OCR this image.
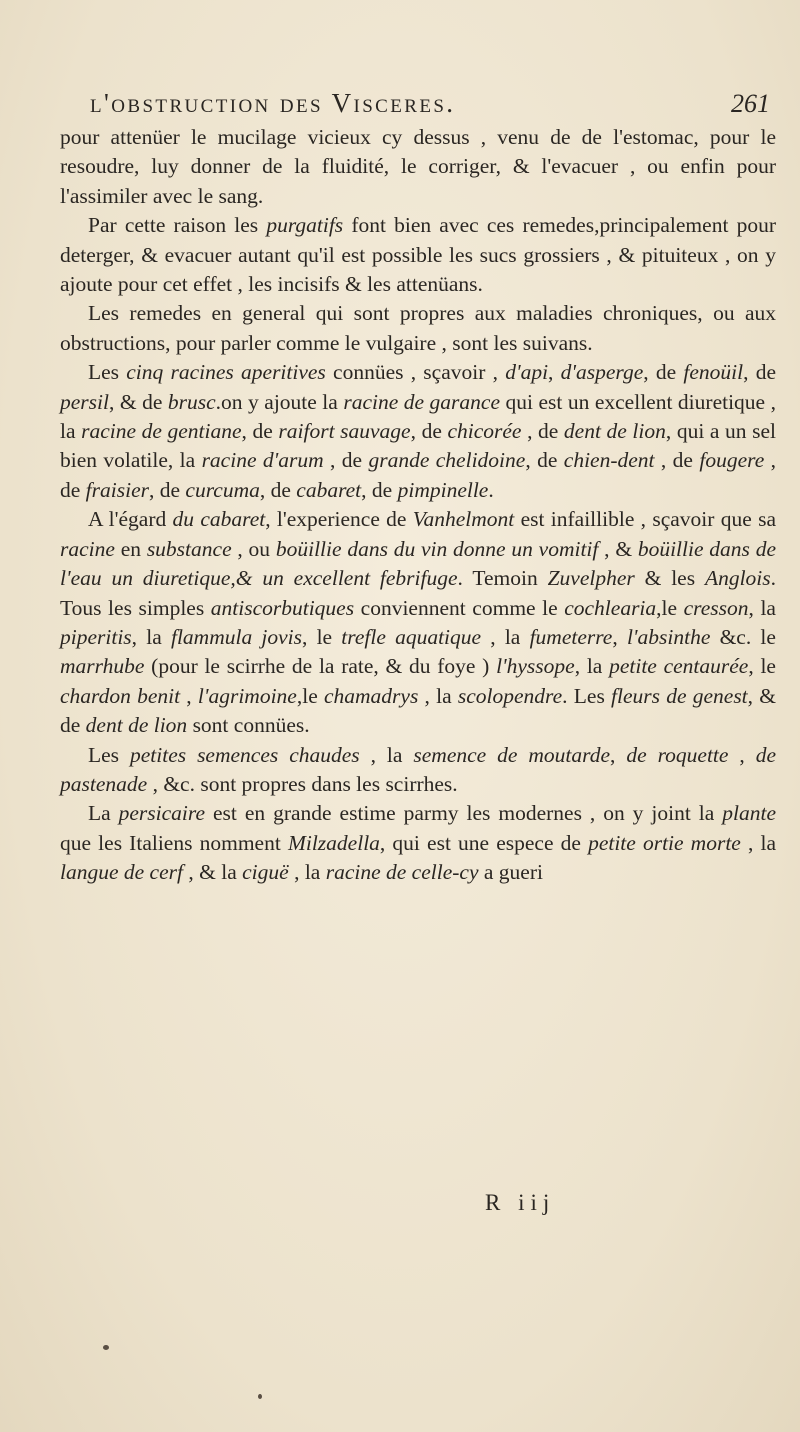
l'obstruction des Visceres.	261

pour attenüer le mucilage vicieux cy dessus , venu de de l'estomac, pour le resoudre, luy donner de la fluidité, le corriger, & l'evacuer , ou enfin pour l'assimiler avec le sang.

Par cette raison les purgatifs font bien avec ces remedes,principalement pour deterger, & evacuer autant qu'il est possible les sucs grossiers , & pituiteux , on y ajoute pour cet effet , les incisifs & les attenüans.

Les remedes en general qui sont propres aux maladies chroniques, ou aux obstructions, pour parler comme le vulgaire , sont les suivans.

Les cinq racines aperitives connües , sçavoir , d'api, d'asperge, de fenoüil, de persil, & de brusc.on y ajoute la racine de garance qui est un excellent diuretique , la racine de gentiane, de raifort sauvage, de chicorée , de dent de lion, qui a un sel bien volatile, la racine d'arum , de grande chelidoine, de chien-dent , de fougere , de fraisier, de curcuma, de cabaret, de pimpinelle.

A l'égard du cabaret, l'experience de Vanhelmont est infaillible , sçavoir que sa racine en substance , ou boüillie dans du vin donne un vomitif , & boüillie dans de l'eau un diuretique,& un excellent febrifuge. Temoin Zuvelpher & les Anglois. Tous les simples antiscorbutiques conviennent comme le cochlearia,le cresson, la piperitis, la flammula jovis, le trefle aquatique , la fumeterre, l'absinthe &c. le marrhube (pour le scirrhe de la rate, & du foye ) l'hyssope, la petite centaurée, le chardon benit , l'agrimoine,le chamadrys , la scolopendre. Les fleurs de genest, & de dent de lion sont connües.

Les petites semences chaudes , la semence de moutarde, de roquette , de pastenade , &c. sont propres dans les scirrhes.

La persicaire est en grande estime parmy les modernes , on y joint la plante que les Italiens nomment Milzadella, qui est une espece de petite ortie morte , la langue de cerf , & la ciguë , la racine de celle-cy a gueri

R iij
